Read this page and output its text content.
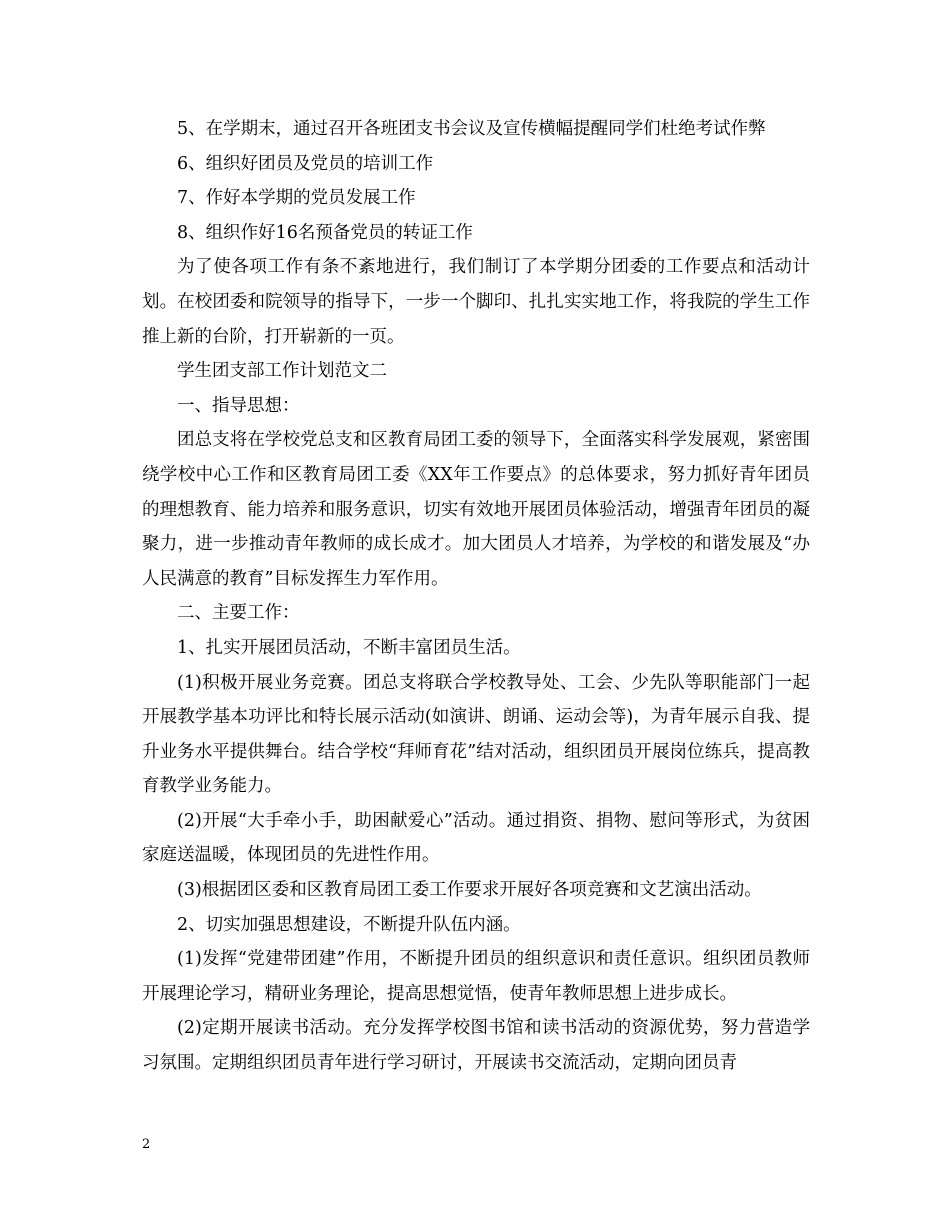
5、在学期末，通过召开各班团支书会议及宣传横幅提醒同学们杜绝考试作弊

6、组织好团员及党员的培训工作

7、作好本学期的党员发展工作

8、组织作好16名预备党员的转证工作

为了使各项工作有条不紊地进行，我们制订了本学期分团委的工作要点和活动计划。在校团委和院领导的指导下，一步一个脚印、扎扎实实地工作，将我院的学生工作推上新的台阶，打开崭新的一页。

学生团支部工作计划范文二

一、指导思想：

团总支将在学校党总支和区教育局团工委的领导下，全面落实科学发展观，紧密围绕学校中心工作和区教育局团工委《XX年工作要点》的总体要求，努力抓好青年团员的理想教育、能力培养和服务意识，切实有效地开展团员体验活动，增强青年团员的凝聚力，进一步推动青年教师的成长成才。加大团员人才培养，为学校的和谐发展及“办人民满意的教育”目标发挥生力军作用。

二、主要工作：

1、扎实开展团员活动，不断丰富团员生活。

(1)积极开展业务竞赛。团总支将联合学校教导处、工会、少先队等职能部门一起开展教学基本功评比和特长展示活动(如演讲、朗诵、运动会等)，为青年展示自我、提升业务水平提供舞台。结合学校“拜师育花”结对活动，组织团员开展岗位练兵，提高教育教学业务能力。

(2)开展“大手牵小手，助困献爱心”活动。通过捐资、捐物、慰问等形式，为贫困家庭送温暖，体现团员的先进性作用。

(3)根据团区委和区教育局团工委工作要求开展好各项竞赛和文艺演出活动。

2、切实加强思想建设，不断提升队伍内涵。

(1)发挥“党建带团建”作用，不断提升团员的组织意识和责任意识。组织团员教师开展理论学习，精研业务理论，提高思想觉悟，使青年教师思想上进步成长。

(2)定期开展读书活动。充分发挥学校图书馆和读书活动的资源优势，努力营造学习氛围。定期组织团员青年进行学习研讨，开展读书交流活动，定期向团员青

2
